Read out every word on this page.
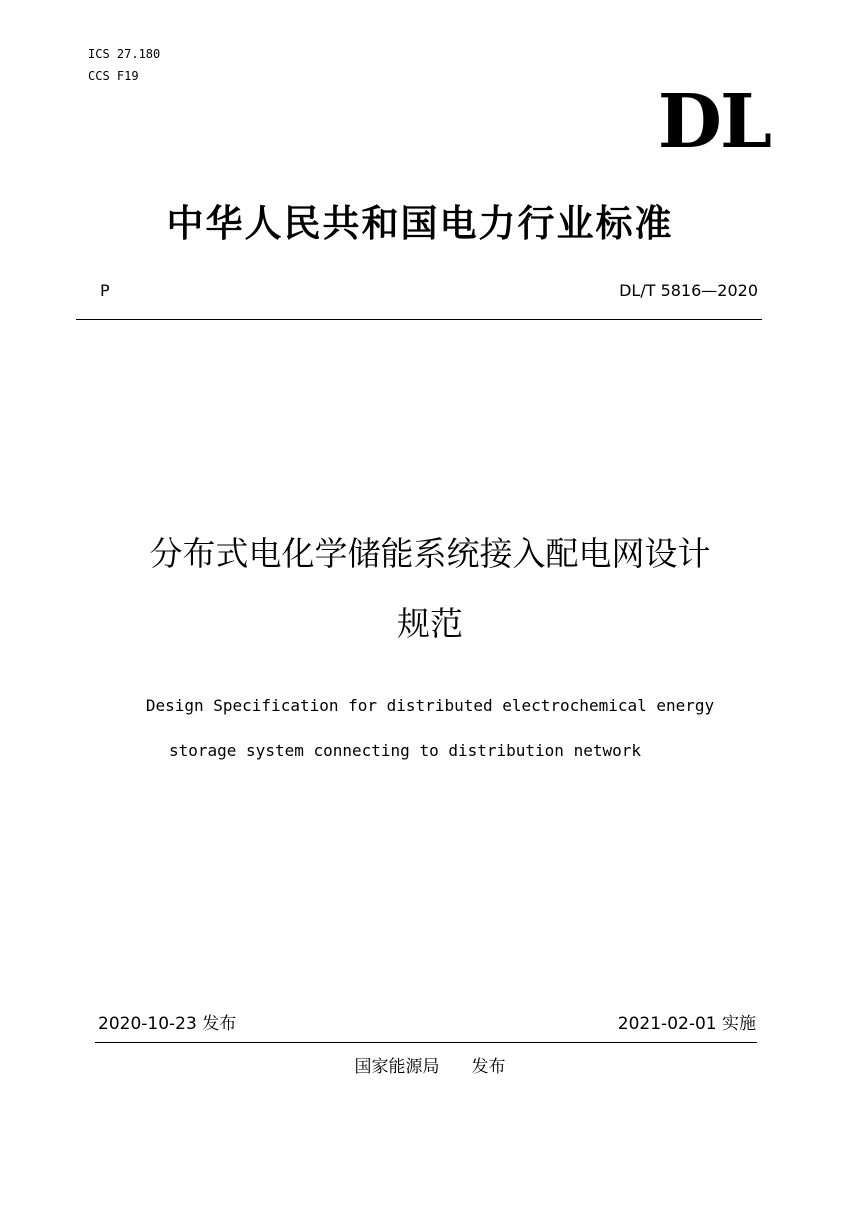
ICS 27.180
CCS F19
DL
中华人民共和国电力行业标准
P	DL/T 5816—2020
分布式电化学储能系统接入配电网设计
规范
Design Specification for distributed electrochemical energy
storage system connecting to distribution network
2020-10-23 发布	2021-02-01 实施
国家能源局 发布
